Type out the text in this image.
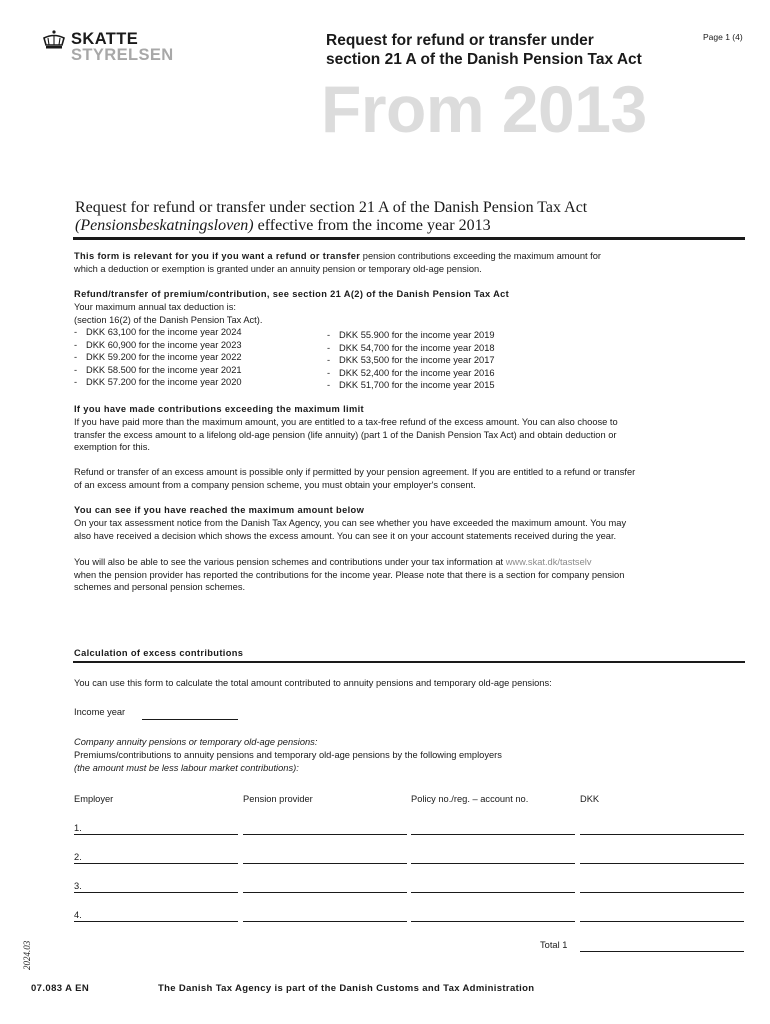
SKATTE
STYRELSEN
Request for refund or transfer under
section 21 A of the Danish Pension Tax Act
Page 1 (4)
From 2013
Request for refund or transfer under section 21 A of the Danish Pension Tax Act
(Pensionsbeskatningsloven) effective from the income year 2013
This form is relevant for you if you want a refund or transfer pension contributions exceeding the maximum amount for
which a deduction or exemption is granted under an annuity pension or temporary old-age pension.
Refund/transfer of premium/contribution, see section 21 A(2) of the Danish Pension Tax Act
Your maximum annual tax deduction is:
(section 16(2) of the Danish Pension Tax Act).
- DKK 63,100 for the income year 2024
- DKK 60,900 for the income year 2023
- DKK 59.200 for the income year 2022
- DKK 58.500 for the income year 2021
- DKK 57.200 for the income year 2020
- DKK 55.900 for the income year 2019
- DKK 54,700 for the income year 2018
- DKK 53,500 for the income year 2017
- DKK 52,400 for the income year 2016
- DKK 51,700 for the income year 2015
If you have made contributions exceeding the maximum limit
If you have paid more than the maximum amount, you are entitled to a tax-free refund of the excess amount. You can also choose to
transfer the excess amount to a lifelong old-age pension (life annuity) (part 1 of the Danish Pension Tax Act) and obtain deduction or
exemption for this.
Refund or transfer of an excess amount is possible only if permitted by your pension agreement. If you are entitled to a refund or transfer
of an excess amount from a company pension scheme, you must obtain your employer's consent.
You can see if you have reached the maximum amount below
On your tax assessment notice from the Danish Tax Agency, you can see whether you have exceeded the maximum amount. You may
also have received a decision which shows the excess amount. You can see it on your account statements received during the year.
You will also be able to see the various pension schemes and contributions under your tax information at www.skat.dk/tastselv
when the pension provider has reported the contributions for the income year. Please note that there is a section for company pension
schemes and personal pension schemes.
Calculation of excess contributions
You can use this form to calculate the total amount contributed to annuity pensions and temporary old-age pensions:
Income year
Company annuity pensions or temporary old-age pensions:
Premiums/contributions to annuity pensions and temporary old-age pensions by the following employers
(the amount must be less labour market contributions):
Employer	Pension provider	Policy no./reg. – account no.	DKK
1.
2.
3.
4.
Total 1
2024.03
07.083 A EN	The Danish Tax Agency is part of the Danish Customs and Tax Administration
